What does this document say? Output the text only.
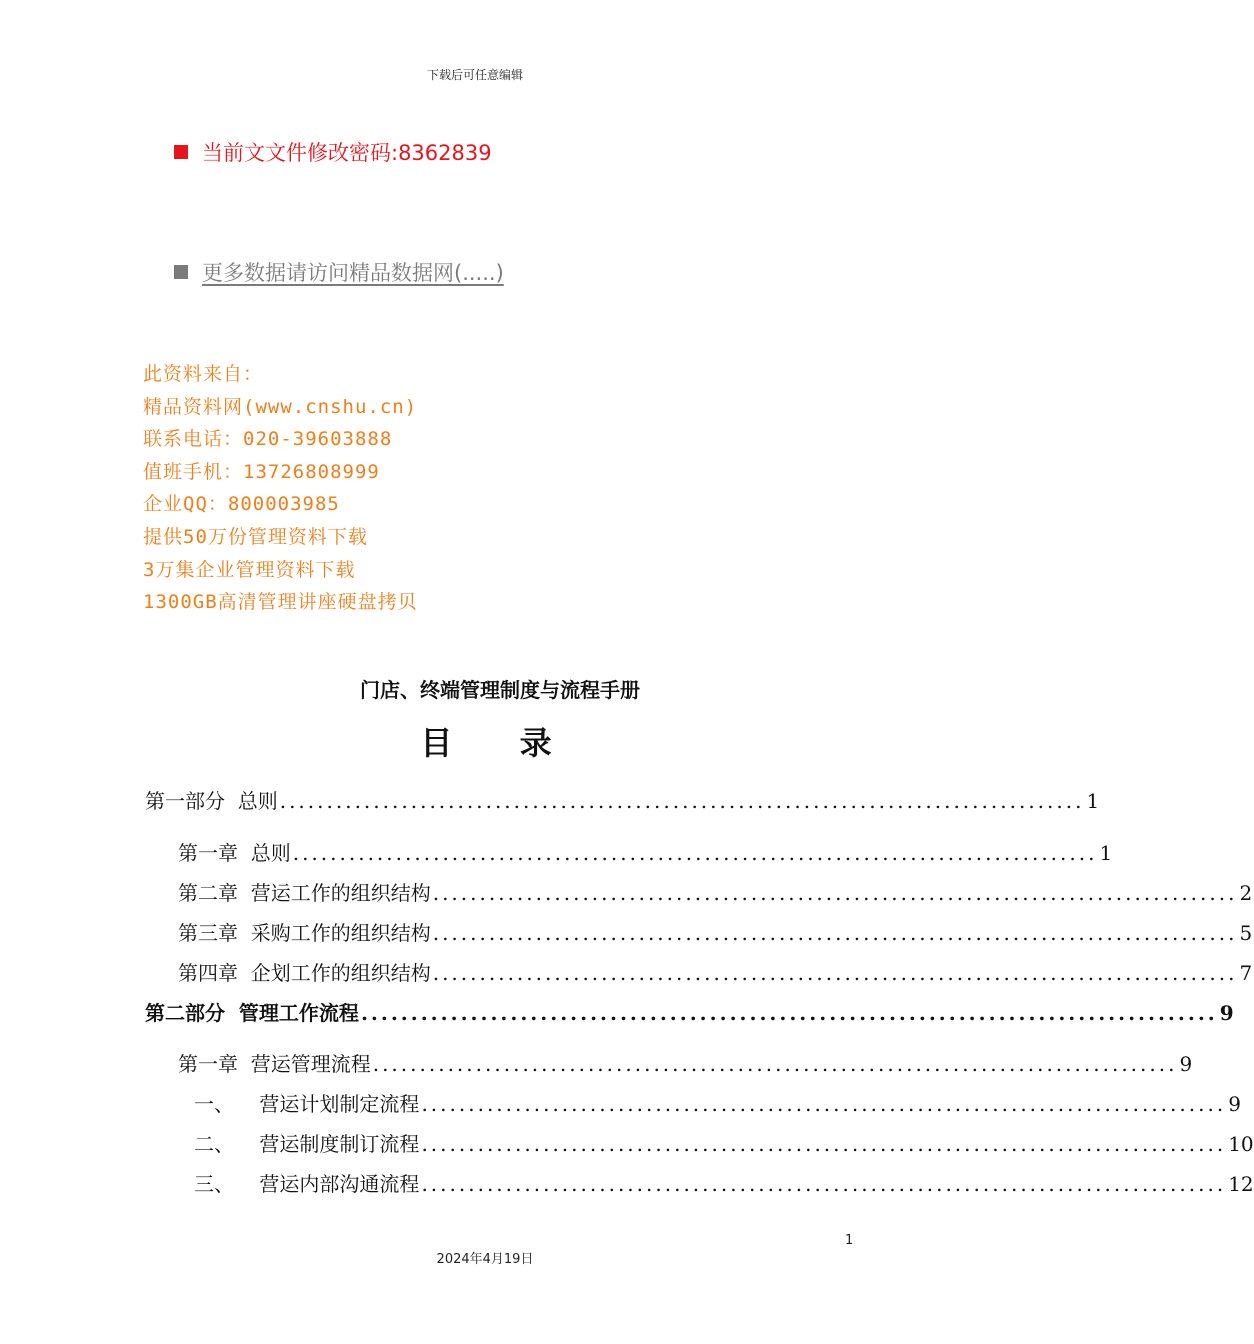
下载后可任意编辑
当前文文件修改密码:8362839
更多数据请访问精品数据网(.....)
此资料来自：
精品资料网(www.cnshu.cn)
联系电话：020-39603888
值班手机：13726808999
企业QQ：800003985
提供50万份管理资料下载
3万集企业管理资料下载
1300GB高清管理讲座硬盘拷贝
门店、终端管理制度与流程手册
目 录
第一部分  总则 ...................................................................................... 1
第一章  总则 ...................................................................................... 1
第二章  营运工作的组织结构 ...................................................................................... 2
第三章  采购工作的组织结构 ...................................................................................... 5
第四章  企划工作的组织结构 ...................................................................................... 7
第二部分  管理工作流程 ...................................................................................... 9
第一章  营运管理流程 ...................................................................................... 9
一、    营运计划制定流程 ...................................................................................... 9
二、    营运制度制订流程 ...................................................................................... 10
三、    营运内部沟通流程 ...................................................................................... 12
1
2024年4月19日
